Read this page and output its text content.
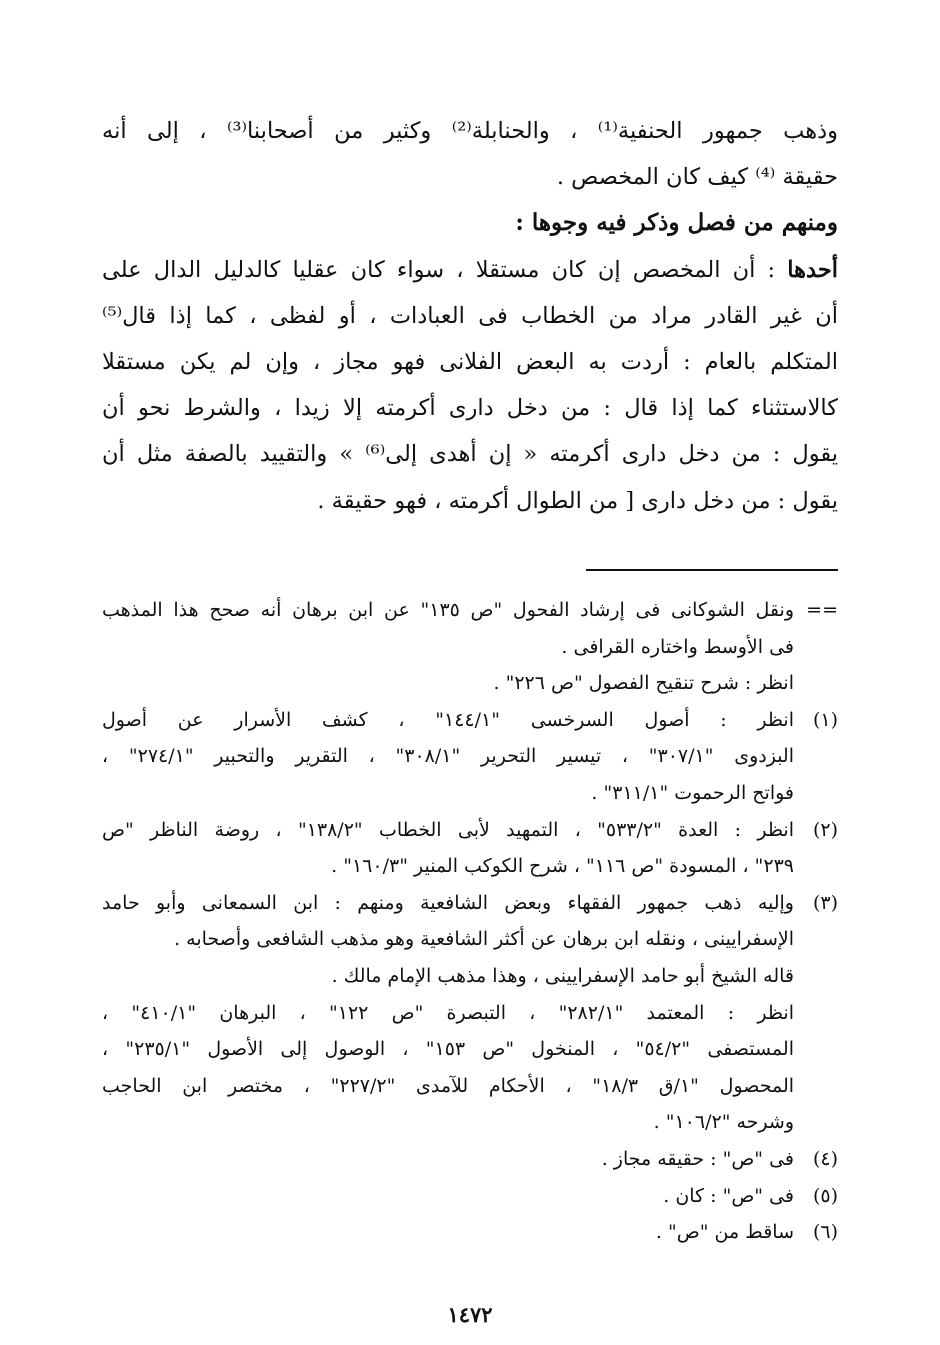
وذهب جمهور الحنفية⁽¹⁾ ، والحنابلة⁽²⁾ وكثير من أصحابنا⁽³⁾ ، إلى أنه
حقيقة ⁽⁴⁾ كيف كان المخصص .
ومنهم من فصل وذكر فيه وجوها :
أحدها : أن المخصص إن كان مستقلا ، سواء كان عقليا كالدليل الدال على
أن غير القادر مراد من الخطاب فى العبادات ، أو لفظى ، كما إذا قال⁽⁵⁾
المتكلم بالعام : أردت به البعض الفلانى فهو مجاز ، وإن لم يكن مستقلا
كالاستثناء كما إذا قال : من دخل دارى أكرمته إلا زيدا ، والشرط نحو أن
يقول : من دخل دارى أكرمته « إن أهدى إلى⁽⁶⁾ » والتقييد بالصفة مثل أن
يقول : من دخل دارى [ من الطوال أكرمته ، فهو حقيقة .
==
ونقل الشوكانى فى إرشاد الفحول "ص ١٣٥" عن ابن برهان أنه صحح هذا المذهب
فى الأوسط واختاره القرافى .
انظر : شرح تنقيح الفصول "ص ٢٢٦" .
(١)
انظر : أصول السرخسى "١٤٤/١" ، كشف الأسرار عن أصول
البزدوى "٣٠٧/١" ، تيسير التحرير "٣٠٨/١" ، التقرير والتحبير "٢٧٤/١" ،
فواتح الرحموت "٣١١/١" .
(٢)
انظر : العدة "٥٣٣/٢" ، التمهيد لأبى الخطاب "١٣٨/٢" ، روضة الناظر "ص
٢٣٩" ، المسودة "ص ١١٦" ، شرح الكوكب المنير "١٦٠/٣" .
(٣)
وإليه ذهب جمهور الفقهاء وبعض الشافعية ومنهم : ابن السمعانى وأبو حامد
الإسفرايينى ، ونقله ابن برهان عن أكثر الشافعية وهو مذهب الشافعى وأصحابه .
قاله الشيخ أبو حامد الإسفرايينى ، وهذا مذهب الإمام مالك .
انظر : المعتمد "٢٨٢/١" ، التبصرة "ص ١٢٢" ، البرهان "٤١٠/١" ،
المستصفى "٥٤/٢" ، المنخول "ص ١٥٣" ، الوصول إلى الأصول "٢٣٥/١" ،
المحصول "١/ق ١٨/٣" ، الأحكام للآمدى "٢٢٧/٢" ، مختصر ابن الحاجب
وشرحه "١٠٦/٢" .
(٤)
فى "ص" : حقيقه مجاز .
(٥)
فى "ص" : كان .
(٦)
ساقط من "ص" .
١٤٧٢
